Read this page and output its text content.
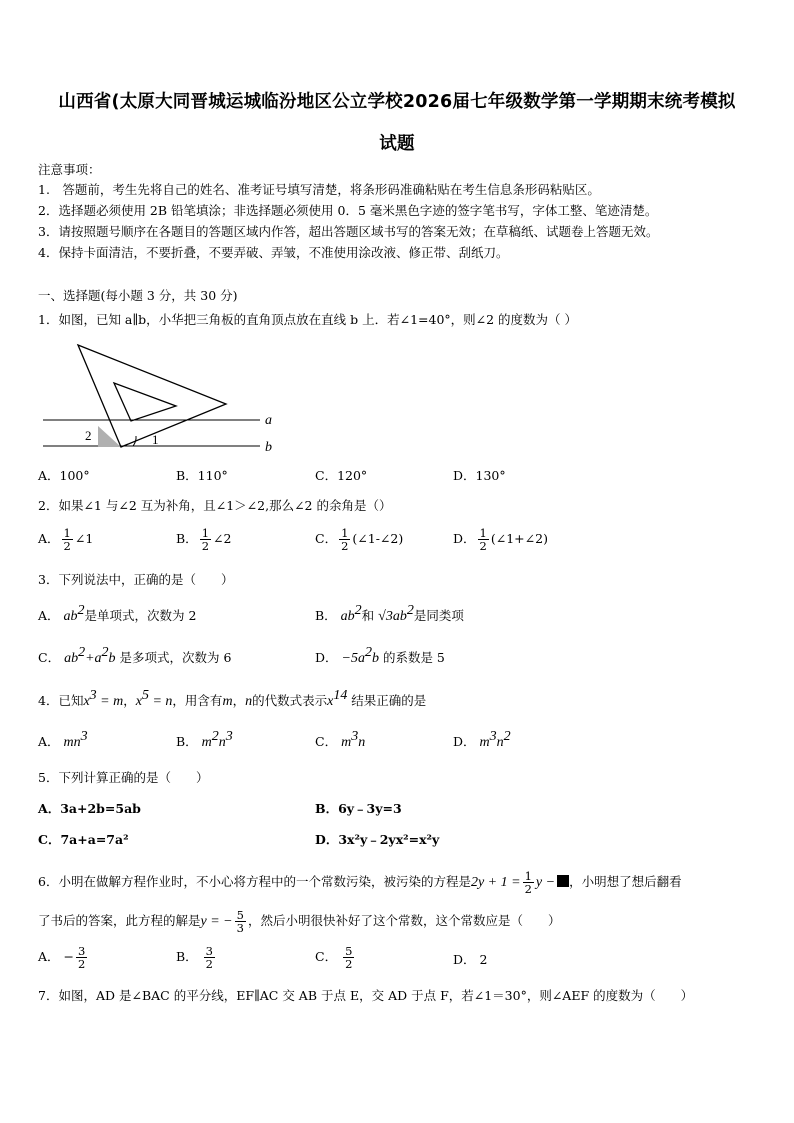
山西省(太原大同晋城运城临汾地区公立学校2026届七年级数学第一学期期末统考模拟
试题
注意事项：
1.　答题前，考生先将自己的姓名、准考证号填写清楚，将条形码准确粘贴在考生信息条形码粘贴区。
2．选择题必须使用 2B 铅笔填涂；非选择题必须使用 0．5 毫米黑色字迹的签字笔书写，字体工整、笔迹清楚。
3．请按照题号顺序在各题目的答题区域内作答，超出答题区域书写的答案无效；在草稿纸、试题卷上答题无效。
4．保持卡面清洁，不要折叠，不要弄破、弄皱，不准使用涂改液、修正带、刮纸刀。
一、选择题(每小题 3 分，共 30 分)
1．如图，已知 a∥b，小华把三角板的直角顶点放在直线 b 上．若∠1=40°，则∠2 的度数为（ ）
a
b
1
2
A．100°	B．110°	C．120°	D．130°
2．如果∠1 与∠2 互为补角，且∠1＞∠2,那么∠2 的余角是（）
A． $\frac{1}{2}$ ∠1	B． $\frac{1}{2}$ ∠2	C． $\frac{1}{2}$ (∠1-∠2)	D． $\frac{1}{2}$ (∠1+∠2)
3．下列说法中，正确的是（　　）
A． $ab^2$是单项式，次数为 2	B． $ab^2$和 $√3ab^2$是同类项
C． $ab^2+a^2b$ 是多项式，次数为 6	D． $-5a^2b$ 的系数是 5
4．已知$x^3 = m$，$x^5 = n$，用含有m，n的代数式表示$x^{14}$ 结果正确的是
A． $mn^3$	B． $m^2n^3$	C． $m^3n$	D． $m^3n^2$
5．下列计算正确的是（　　）
A．3a+2b=5ab	B．6y﹣3y=3
C．7a+a=7a²	D．3x²y﹣2yx²=x²y
6．小明在做解方程作业时，不小心将方程中的一个常数污染，被污染的方程是$2y + 1 = \frac{1}{2}$ y − ，小明想了想后翻看
了书后的答案，此方程的解是y = − $\frac{5}{3}$ ，然后小明很快补好了这个常数，这个常数应是（　　）
A． − $\frac{3}{2}$	B． $\frac{3}{2}$	C． $\frac{5}{2}$	D． 2
7．如图，AD 是∠BAC 的平分线，EF∥AC 交 AB 于点 E，交 AD 于点 F，若∠1＝30°，则∠AEF 的度数为（　　）
